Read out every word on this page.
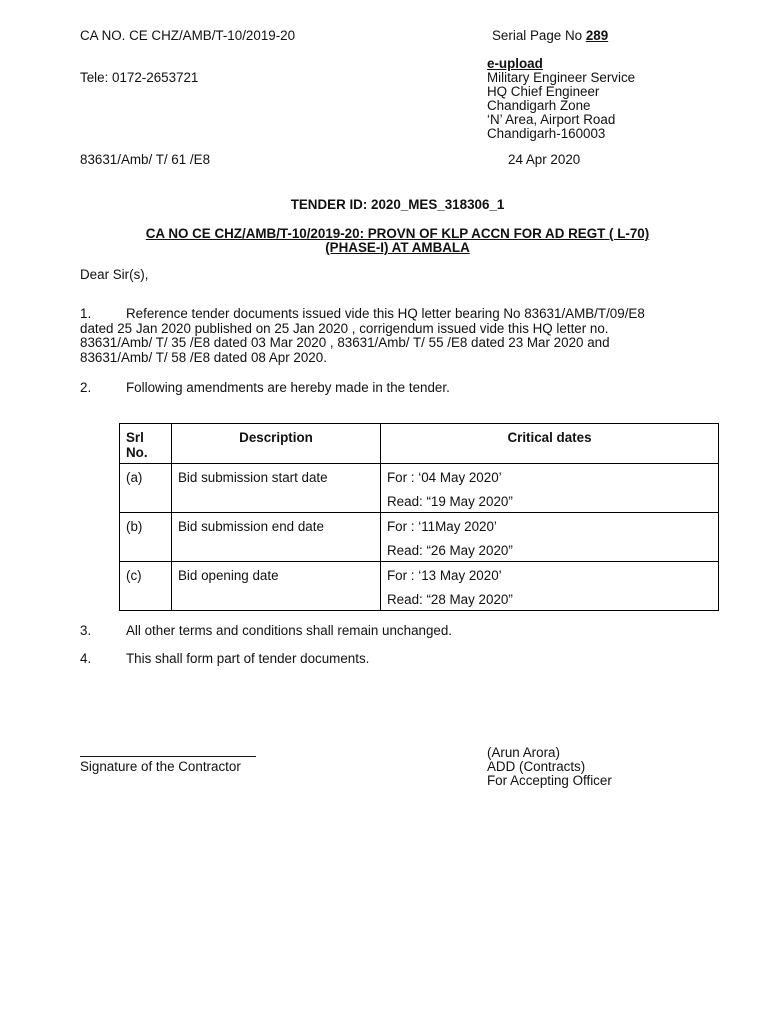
CA NO. CE CHZ/AMB/T-10/2019-20	Serial Page No 289
e-upload
Tele: 0172-2653721	Military Engineer Service
HQ Chief Engineer
Chandigarh Zone
‘N’ Area, Airport Road
Chandigarh-160003
83631/Amb/ T/ 61 /E8	24 Apr 2020
TENDER ID: 2020_MES_318306_1
CA NO CE CHZ/AMB/T-10/2019-20: PROVN OF KLP ACCN FOR AD REGT ( L-70)
(PHASE-I) AT AMBALA
Dear Sir(s),
1.	Reference tender documents issued vide this HQ letter bearing No 83631/AMB/T/09/E8
dated 25 Jan 2020 published on 25 Jan 2020 , corrigendum issued vide this HQ letter no.
83631/Amb/ T/ 35 /E8 dated 03 Mar 2020 , 83631/Amb/ T/ 55 /E8 dated 23 Mar 2020 and
83631/Amb/ T/ 58 /E8 dated 08 Apr 2020.
2.	Following amendments are hereby made in the tender.
Srl
No.	Description	Critical dates
(a)	Bid submission start date	For : ‘04 May 2020’
Read: “19 May 2020”

(b)	Bid submission end date	For : ‘11May 2020’
Read: “26 May 2020”

(c)	Bid opening date	For : ‘13 May 2020’
Read: “28 May 2020”
3.	All other terms and conditions shall remain unchanged.
4.	This shall form part of tender documents.
Signature of the Contractor
(Arun Arora)
ADD (Contracts)
For Accepting Officer
